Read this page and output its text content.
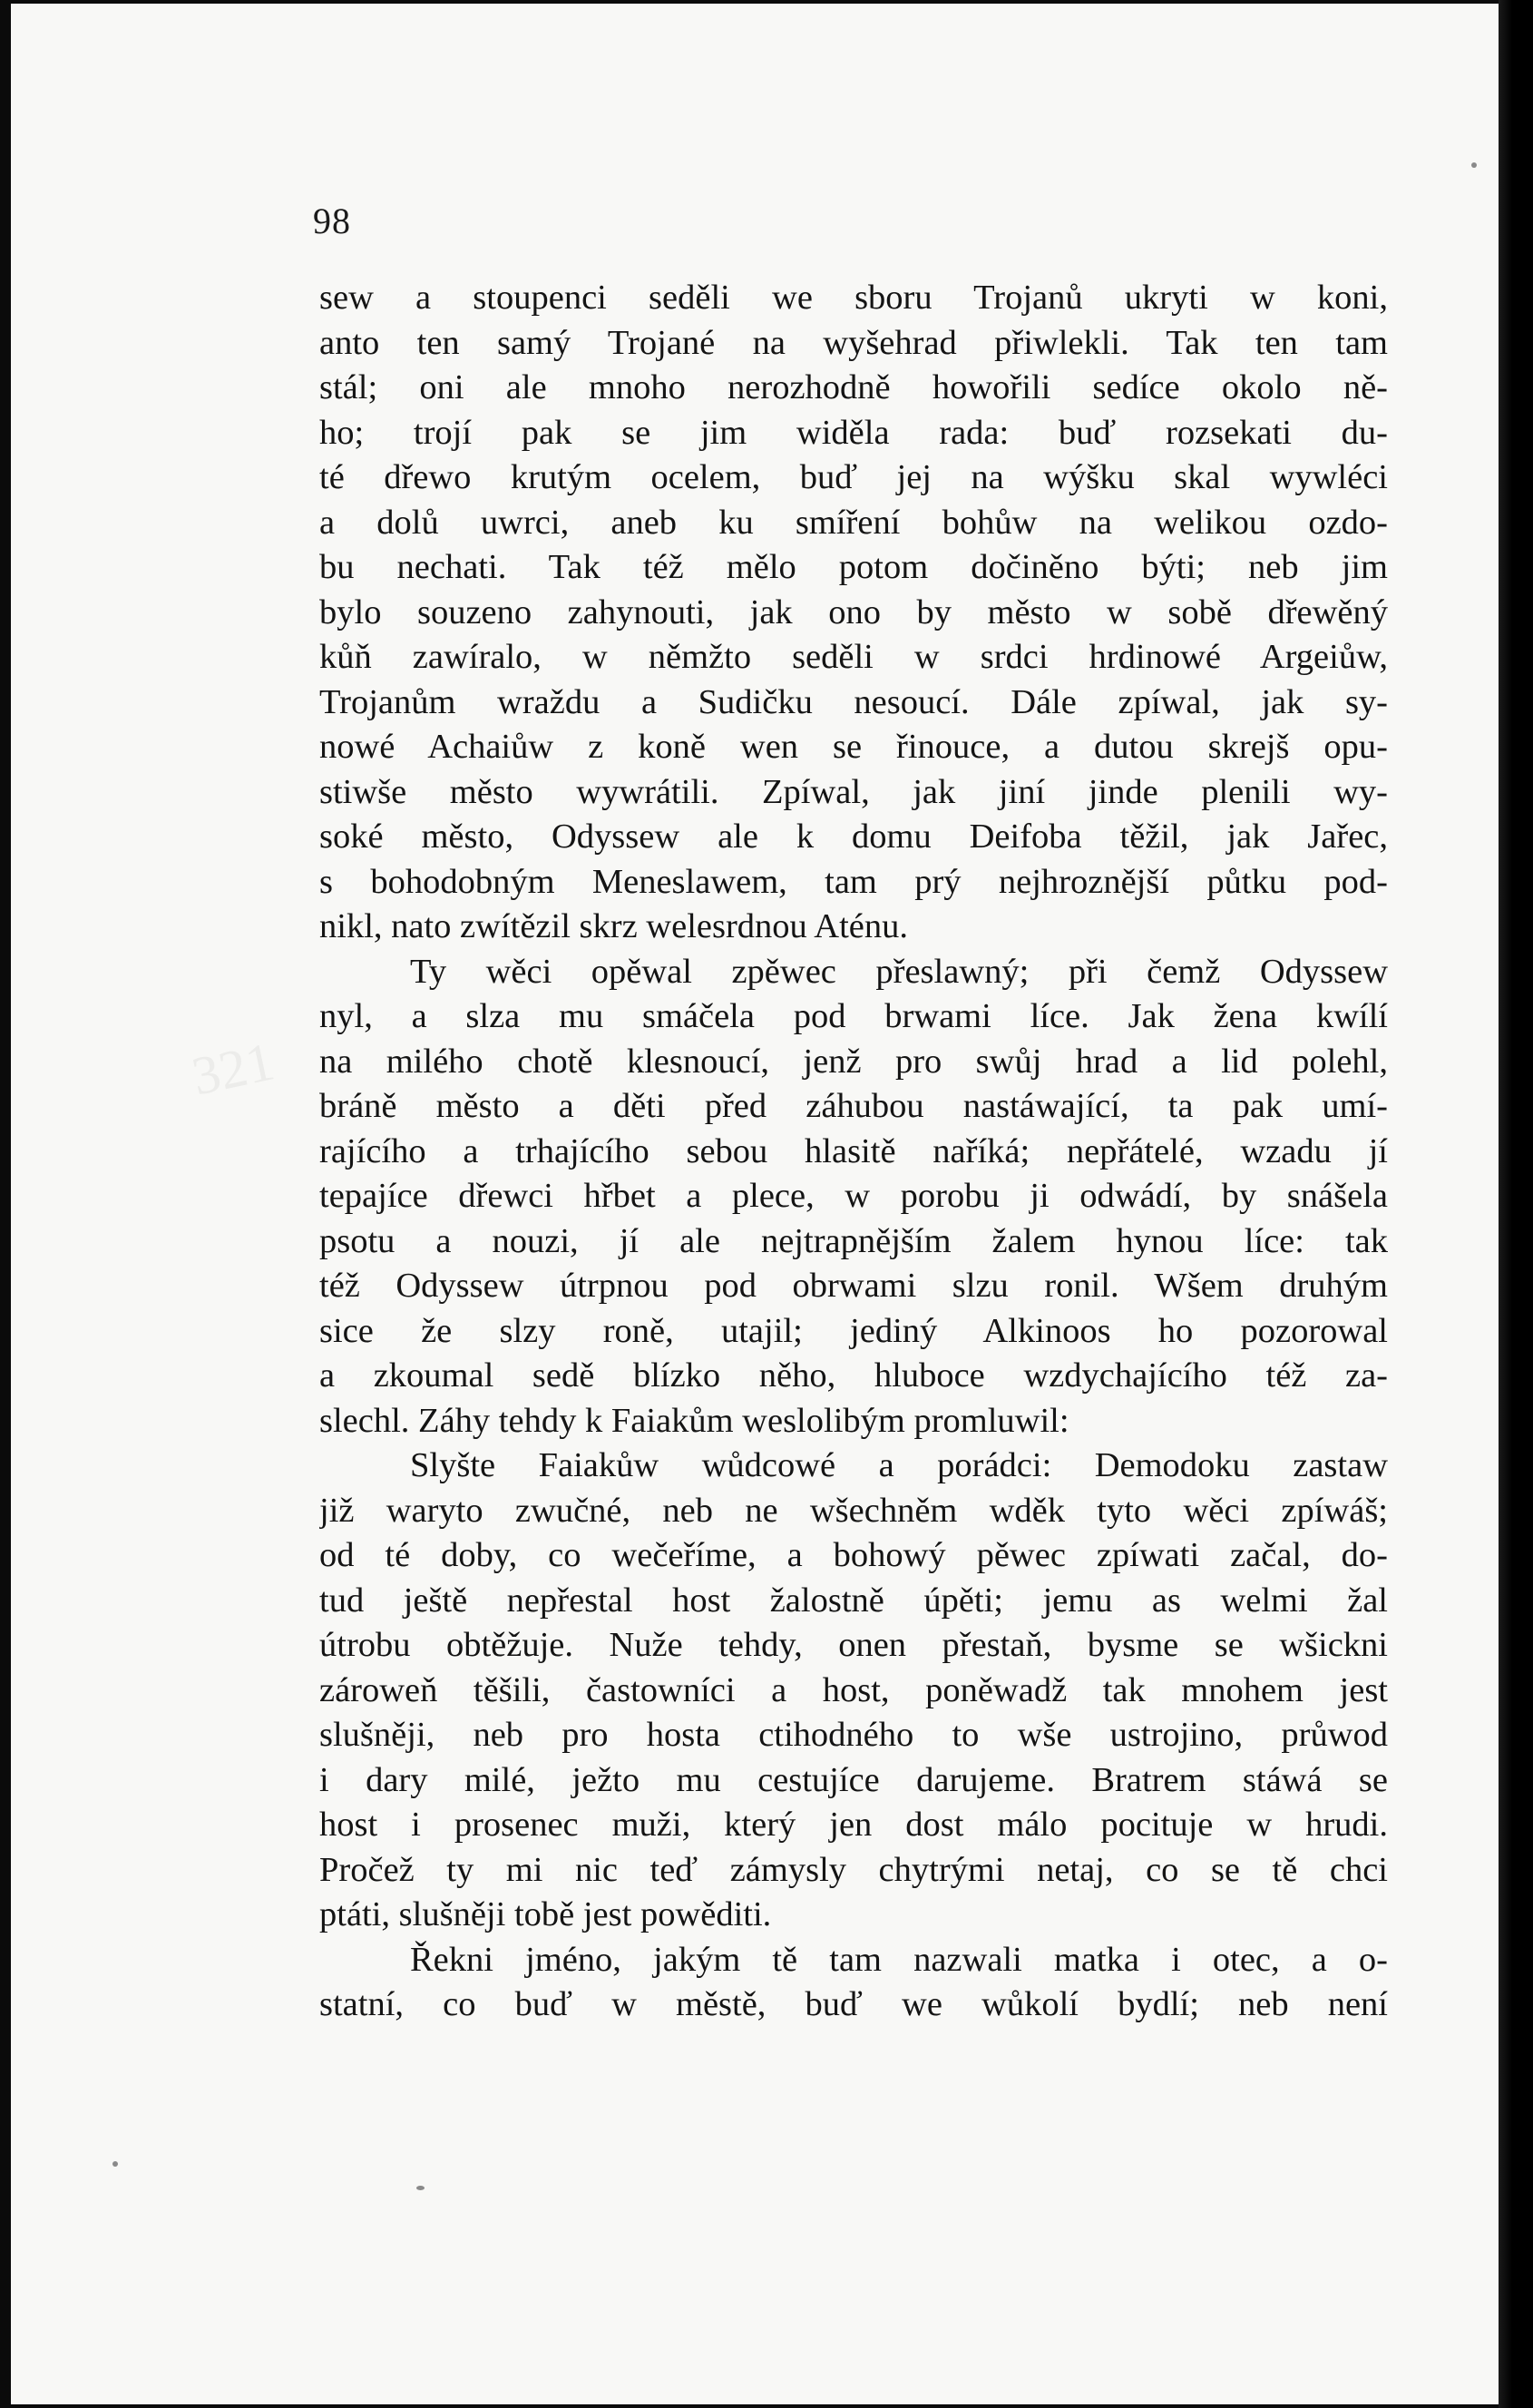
321
98
sew a stoupenci seděli we sboru Trojanů ukryti w koni,
anto ten samý Trojané na wyšehrad přiwlekli. Tak ten tam
stál; oni ale mnoho nerozhodně howořili sedíce okolo ně-
ho; trojí pak se jim widěla rada: buď rozsekati du-
té dřewo krutým ocelem, buď jej na wýšku skal wywléci
a dolů uwrci, aneb ku smíření bohůw na welikou ozdo-
bu nechati. Tak též mělo potom dočiněno býti; neb jim
bylo souzeno zahynouti, jak ono by město w sobě dřewěný
kůň zawíralo, w němžto seděli w srdci hrdinowé Argeiůw,
Trojanům wraždu a Sudičku nesoucí. Dále zpíwal, jak sy-
nowé Achaiůw z koně wen se řinouce, a dutou skrejš opu-
stiwše město wywrátili. Zpíwal, jak jiní jinde plenili wy-
soké město, Odyssew ale k domu Deifoba těžil, jak Jařec,
s bohodobným Meneslawem, tam prý nejhroznější půtku pod-
nikl, nato zwítězil skrz welesrdnou Aténu.
Ty wěci opěwal zpěwec přeslawný; při čemž Odyssew
nyl, a slza mu smáčela pod brwami líce. Jak žena kwílí
na milého chotě klesnoucí, jenž pro swůj hrad a lid polehl,
bráně město a děti před záhubou nastáwající, ta pak umí-
rajícího a trhajícího sebou hlasitě naříká; nepřátelé, wzadu jí
tepajíce dřewci hřbet a plece, w porobu ji odwádí, by snášela
psotu a nouzi, jí ale nejtrapnějším žalem hynou líce: tak
též Odyssew útrpnou pod obrwami slzu ronil. Wšem druhým
sice že slzy roně, utajil; jediný Alkinoos ho pozorowal
a zkoumal sedě blízko něho, hluboce wzdychajícího též za-
slechl. Záhy tehdy k Faiakům weslolibým promluwil:
Slyšte Faiakůw wůdcowé a porádci: Demodoku zastaw
již waryto zwučné, neb ne wšechněm wděk tyto wěci zpíwáš;
od té doby, co wečeříme, a bohowý pěwec zpíwati začal, do-
tud ještě nepřestal host žalostně úpěti; jemu as welmi žal
útrobu obtěžuje. Nuže tehdy, onen přestaň, bysme se wšickni
zároweň těšili, častowníci a host, poněwadž tak mnohem jest
slušněji, neb pro hosta ctihodného to wše ustrojino, průwod
i dary milé, ježto mu cestujíce darujeme. Bratrem stáwá se
host i prosenec muži, který jen dost málo pocituje w hrudi.
Pročež ty mi nic teď zámysly chytrými netaj, co se tě chci
ptáti, slušněji tobě jest powěditi.
Řekni jméno, jakým tě tam nazwali matka i otec, a o-
statní, co buď w městě, buď we wůkolí bydlí; neb není
